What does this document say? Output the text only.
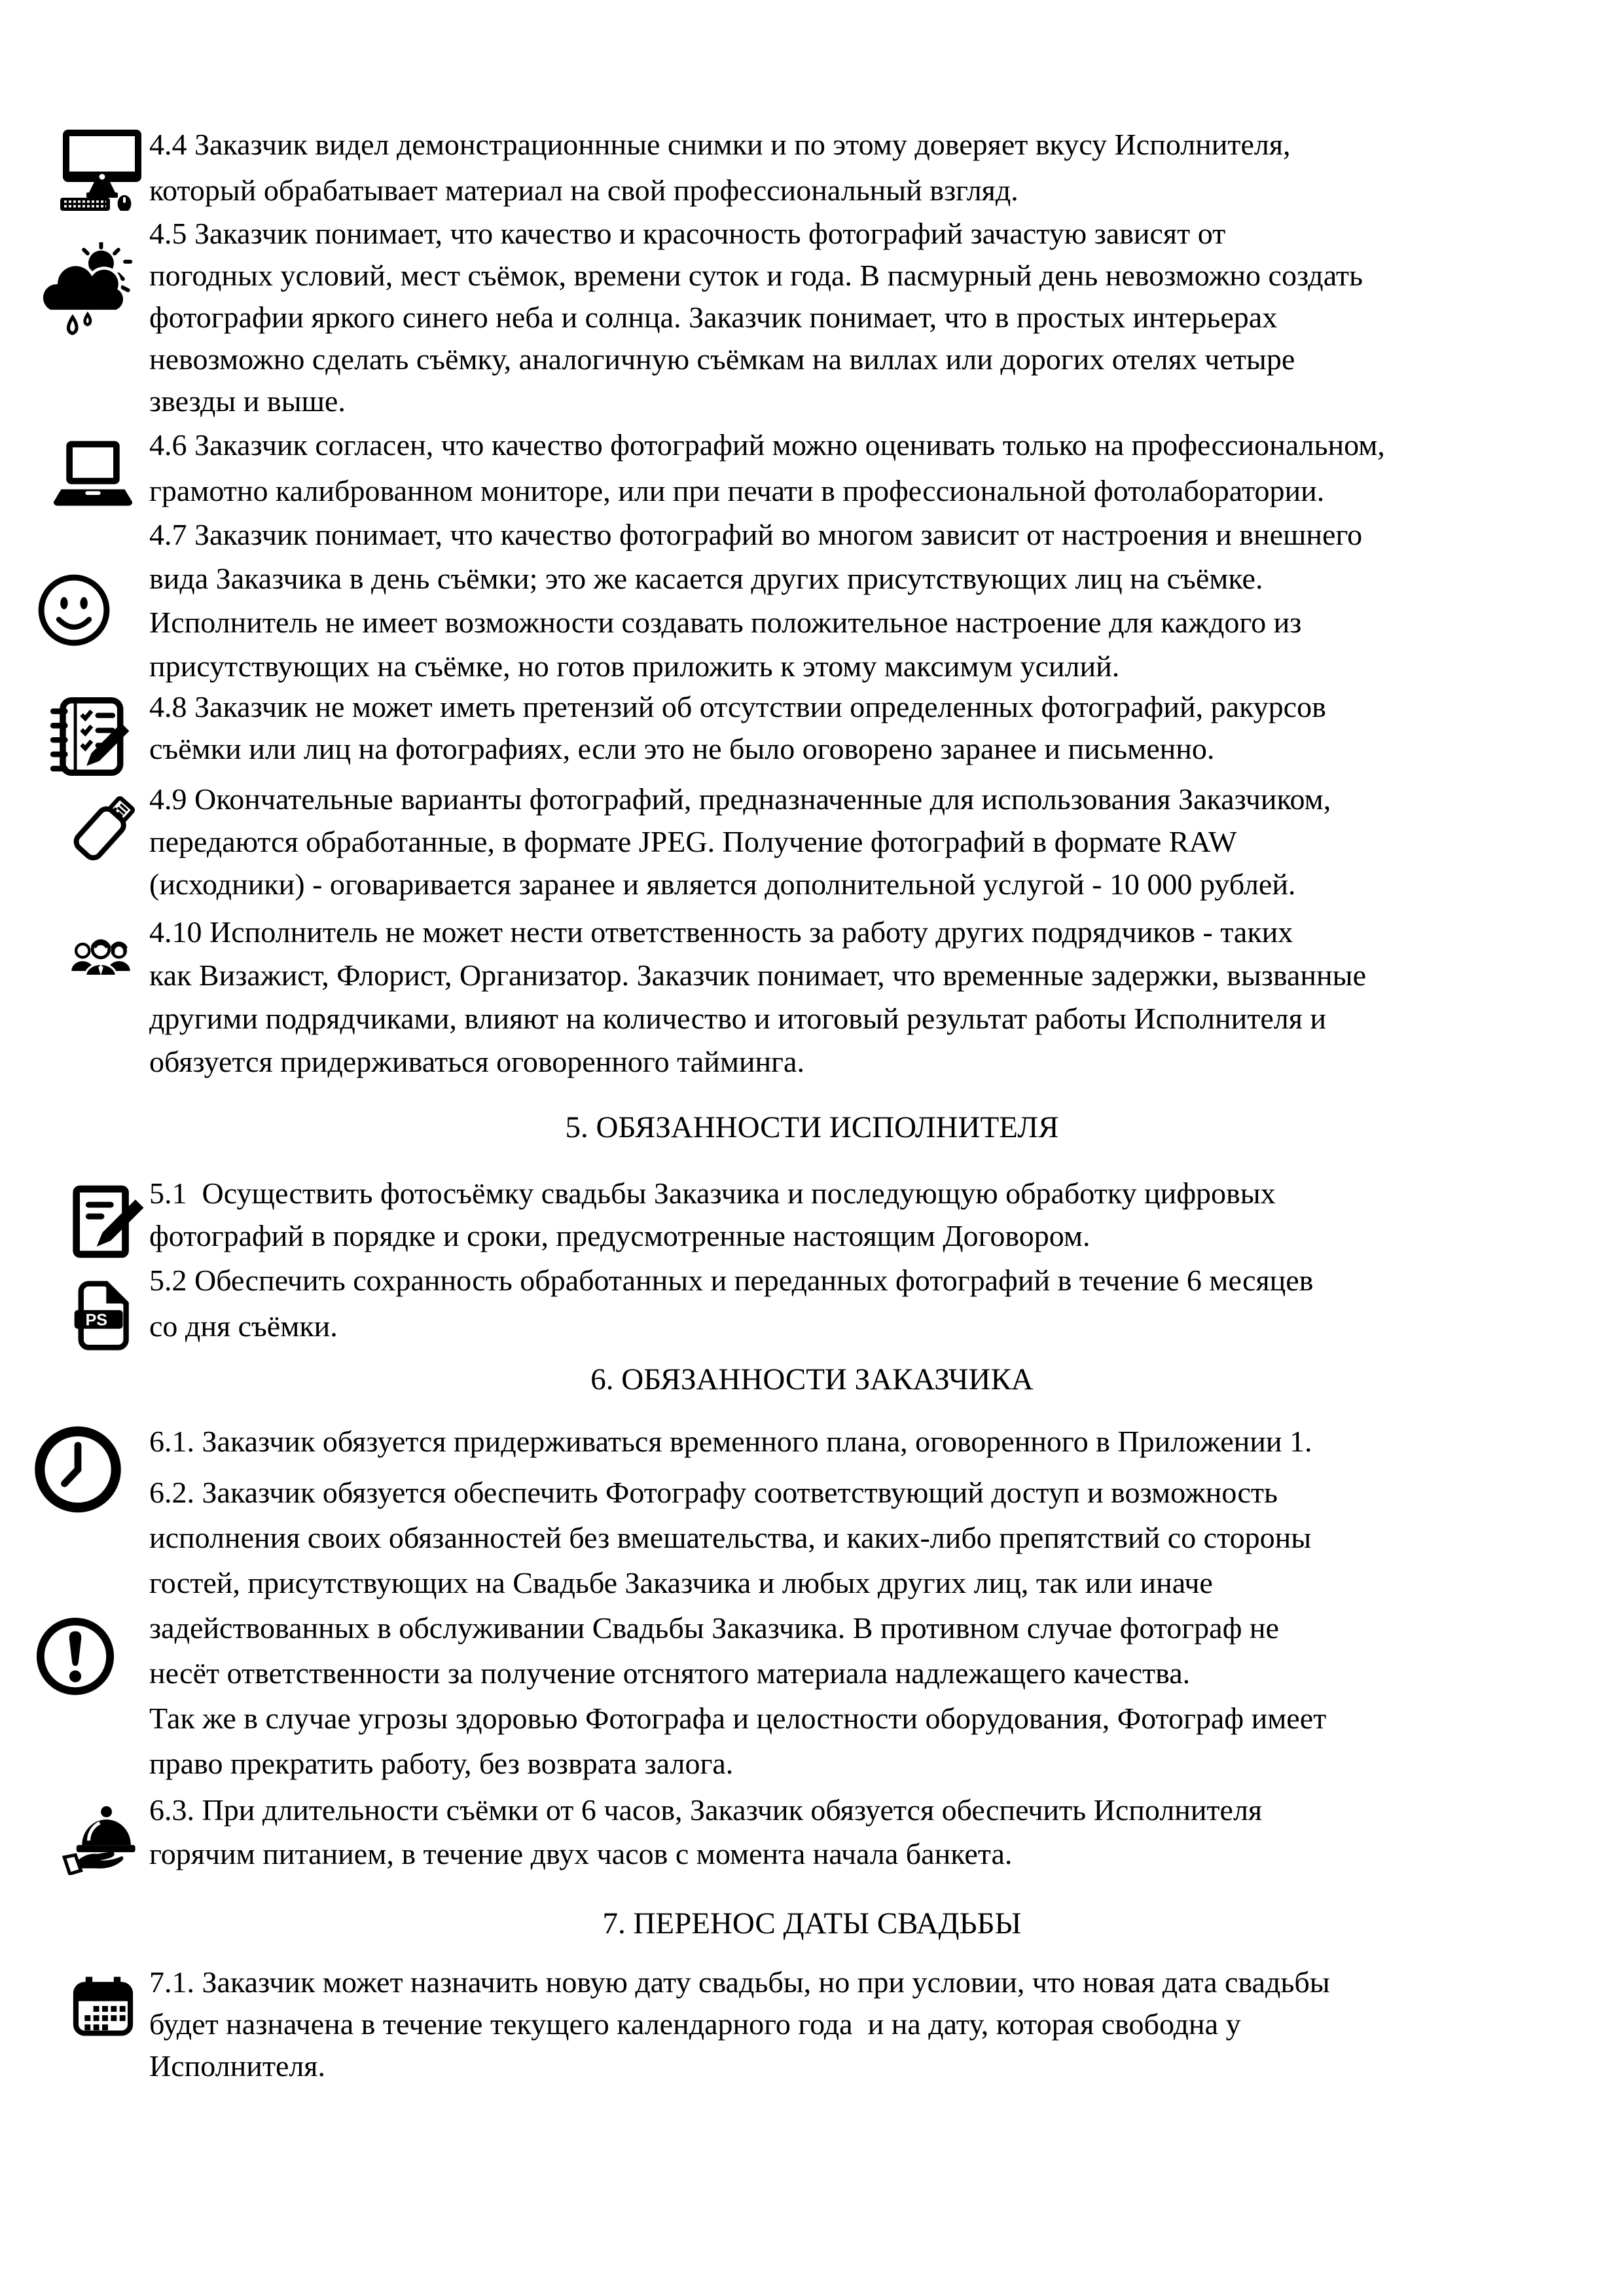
4.4 Заказчик видел демонстрационнные снимки и по этому доверяет вкусу Исполнителя,
который обрабатывает материал на свой профессиональный взгляд.
4.5 Заказчик понимает, что качество и красочность фотографий зачастую зависят от
погодных условий, мест съёмок, времени суток и года. В пасмурный день невозможно создать
фотографии яркого синего неба и солнца. Заказчик понимает, что в простых интерьерах
невозможно сделать съёмку, аналогичную съёмкам на виллах или дорогих отелях четыре
звезды и выше.
4.6 Заказчик согласен, что качество фотографий можно оценивать только на профессиональном,
грамотно калиброванном мониторе, или при печати в профессиональной фотолаборатории.
4.7 Заказчик понимает, что качество фотографий во многом зависит от настроения и внешнего
вида Заказчика в день съёмки; это же касается других присутствующих лиц на съёмке.
Исполнитель не имеет возможности создавать положительное настроение для каждого из
присутствующих на съёмке, но готов приложить к этому максимум усилий.
4.8 Заказчик не может иметь претензий об отсутствии определенных фотографий, ракурсов
съёмки или лиц на фотографиях, если это не было оговорено заранее и письменно.
4.9 Окончательные варианты фотографий, предназначенные для использования Заказчиком,
передаются обработанные, в формате JPEG. Получение фотографий в формате RAW
(исходники) - оговаривается заранее и является дополнительной услугой - 10 000 рублей.
4.10 Исполнитель не может нести ответственность за работу других подрядчиков - таких
как Визажист, Флорист, Организатор. Заказчик понимает, что временные задержки, вызванные
другими подрядчиками, влияют на количество и итоговый результат работы Исполнителя и
обязуется придерживаться оговоренного тайминга.
5. ОБЯЗАННОСТИ ИСПОЛНИТЕЛЯ
5.1  Осуществить фотосъёмку свадьбы Заказчика и последующую обработку цифровых
фотографий в порядке и сроки, предусмотренные настоящим Договором.
PS
5.2 Обеспечить сохранность обработанных и переданных фотографий в течение 6 месяцев
со дня съёмки.
6. ОБЯЗАННОСТИ ЗАКАЗЧИКА
6.1. Заказчик обязуется придерживаться временного плана, оговоренного в Приложении 1.
6.2. Заказчик обязуется обеспечить Фотографу соответствующий доступ и возможность
исполнения своих обязанностей без вмешательства, и каких-либо препятствий со стороны
гостей, присутствующих на Свадьбе Заказчика и любых других лиц, так или иначе
задействованных в обслуживании Свадьбы Заказчика. В противном случае фотограф не
несёт ответственности за получение отснятого материала надлежащего качества.
Так же в случае угрозы здоровью Фотографа и целостности оборудования, Фотограф имеет
право прекратить работу, без возврата залога.
6.3. При длительности съёмки от 6 часов, Заказчик обязуется обеспечить Исполнителя
горячим питанием, в течение двух часов с момента начала банкета.
7. ПЕРЕНОС ДАТЫ СВАДЬБЫ
7.1. Заказчик может назначить новую дату свадьбы, но при условии, что новая дата свадьбы
будет назначена в течение текущего календарного года  и на дату, которая свободна у
Исполнителя.
